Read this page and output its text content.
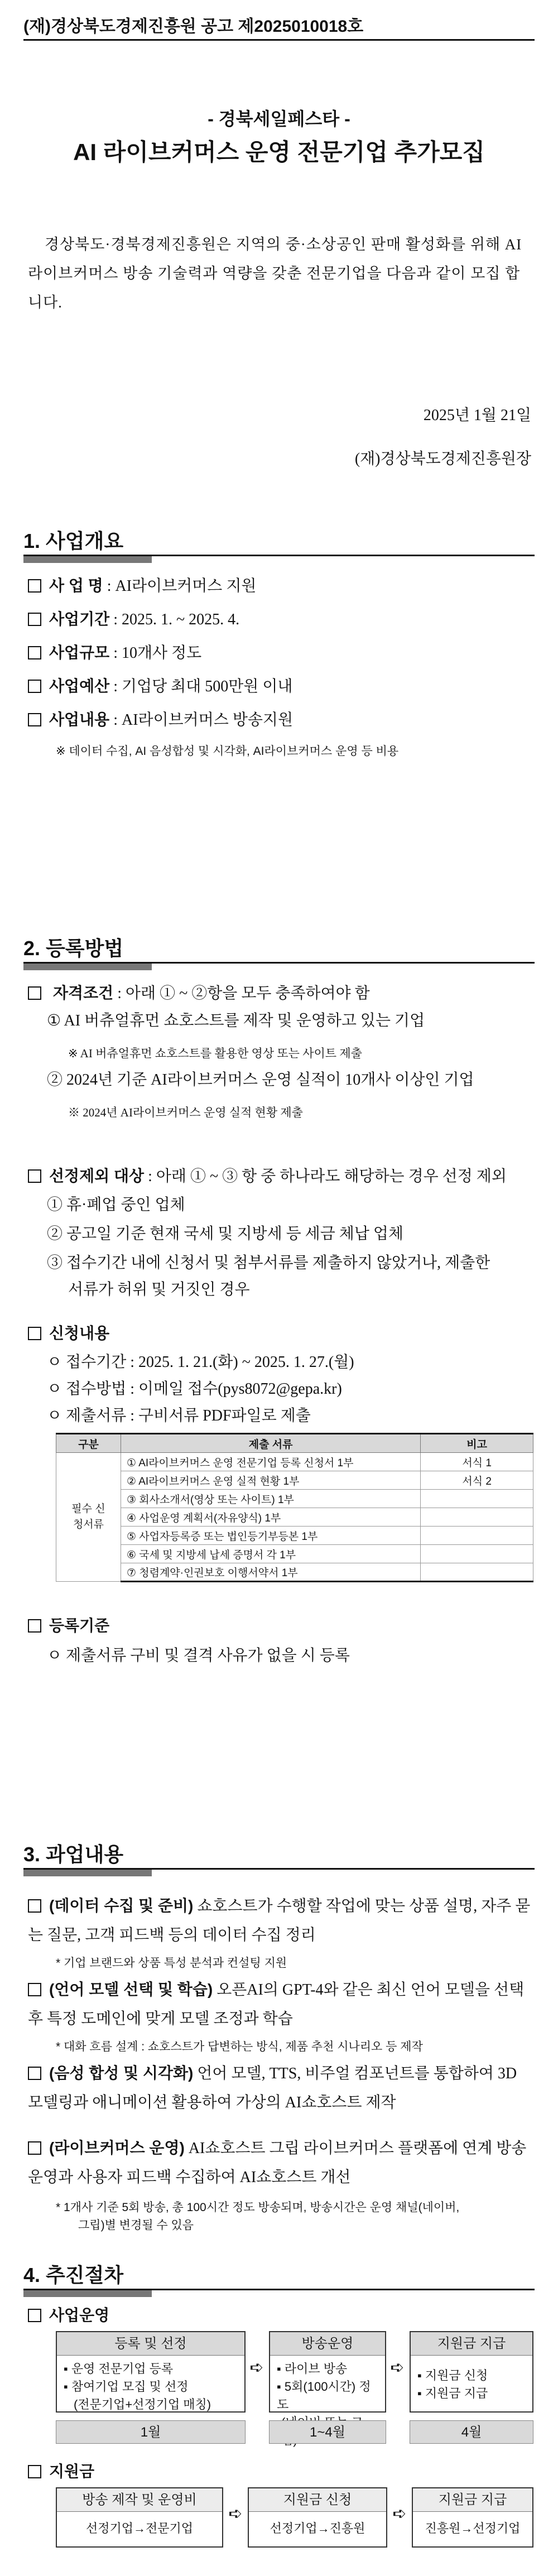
(재)경상북도경제진흥원 공고 제2025010018호
- 경북세일페스타 -
AI 라이브커머스 운영 전문기업 추가모집
경상북도·경북경제진흥원은 지역의 중·소상공인 판매 활성화를 위해 AI라이브커머스 방송 기술력과 역량을 갖춘 전문기업을 다음과 같이 모집 합니다.
2025년 1월 21일
(재)경상북도경제진흥원장
1. 사업개요
사 업 명 : AI라이브커머스 지원
사업기간 : 2025. 1. ~ 2025. 4.
사업규모 : 10개사 정도
사업예산 : 기업당 최대 500만원 이내
사업내용 : AI라이브커머스 방송지원
※ 데이터 수집, AI 음성합성 및 시각화, AI라이브커머스 운영 등 비용
2. 등록방법
자격조건 : 아래 ① ~ ②항을 모두 충족하여야 함
① AI 버츄얼휴먼 쇼호스트를 제작 및 운영하고 있는 기업
※ AI 버츄얼휴먼 쇼호스트를 활용한 영상 또는 사이트 제출
② 2024년 기준 AI라이브커머스 운영 실적이 10개사 이상인 기업
※ 2024년 AI라이브커머스 운영 실적 현황 제출
선정제외 대상 : 아래 ① ~ ③ 항 중 하나라도 해당하는 경우 선정 제외
① 휴·폐업 중인 업체
② 공고일 기준 현재 국세 및 지방세 등 세금 체납 업체
③ 접수기간 내에 신청서 및 첨부서류를 제출하지 않았거나, 제출한
서류가 허위 및 거짓인 경우
신청내용
ㅇ 접수기간 : 2025. 1. 21.(화) ~ 2025. 1. 27.(월)
ㅇ 접수방법 : 이메일 접수(pys8072@gepa.kr)
ㅇ 제출서류 : 구비서류 PDF파일로 제출
구분	제출 서류	비고
필수 신청서류	① AI라이브커머스 운영 전문기업 등록 신청서 1부	서식 1
	② AI라이브커머스 운영 실적 현황 1부	서식 2
	③ 회사소개서(영상 또는 사이트) 1부	
	④ 사업운영 계획서(자유양식) 1부	
	⑤ 사업자등록증 또는 법인등기부등본 1부	
	⑥ 국세 및 지방세 납세 증명서 각 1부	
	⑦ 청렴계약·인권보호 이행서약서 1부	
등록기준
ㅇ 제출서류 구비 및 결격 사유가 없을 시 등록
3. 과업내용
(데이터 수집 및 준비) 쇼호스트가 수행할 작업에 맞는 상품 설명, 자주 묻는 질문, 고객 피드백 등의 데이터 수집 정리
* 기업 브랜드와 상품 특성 분석과 컨설팅 지원
(언어 모델 선택 및 학습) 오픈AI의 GPT-4와 같은 최신 언어 모델을 선택 후 특정 도메인에 맞게 모델 조정과 학습
* 대화 흐름 설계 : 쇼호스트가 답변하는 방식, 제품 추천 시나리오 등 제작
(음성 합성 및 시각화) 언어 모델, TTS, 비주얼 컴포넌트를 통합하여 3D 모델링과 애니메이션 활용하여 가상의 AI쇼호스트 제작
(라이브커머스 운영) AI쇼호스트 그립 라이브커머스 플랫폼에 연계 방송 운영과 사용자 피드백 수집하여 AI쇼호스트 개선
* 1개사 기준 5회 방송, 총 100시간 정도 방송되며, 방송시간은 운영 채널(네이버,
그립)별 변경될 수 있음
4. 추진절차
사업운영
등록 및 선정
▪ 운영 전문기업 등록
▪ 참여기업 모집 및 선정
(전문기업+선정기업 매칭)
➪
방송운영
▪ 라이브 방송
▪ 5회(100시간) 정도
➪
지원금 지급
▪ 지원금 신청
▪ 지원금 지급
1월	1~4월	4월
지원금
방송 제작 및 운영비
선정기업→전문기업
➪
지원금 신청
선정기업→진흥원
➪
지원금 지급
진흥원→선정기업
